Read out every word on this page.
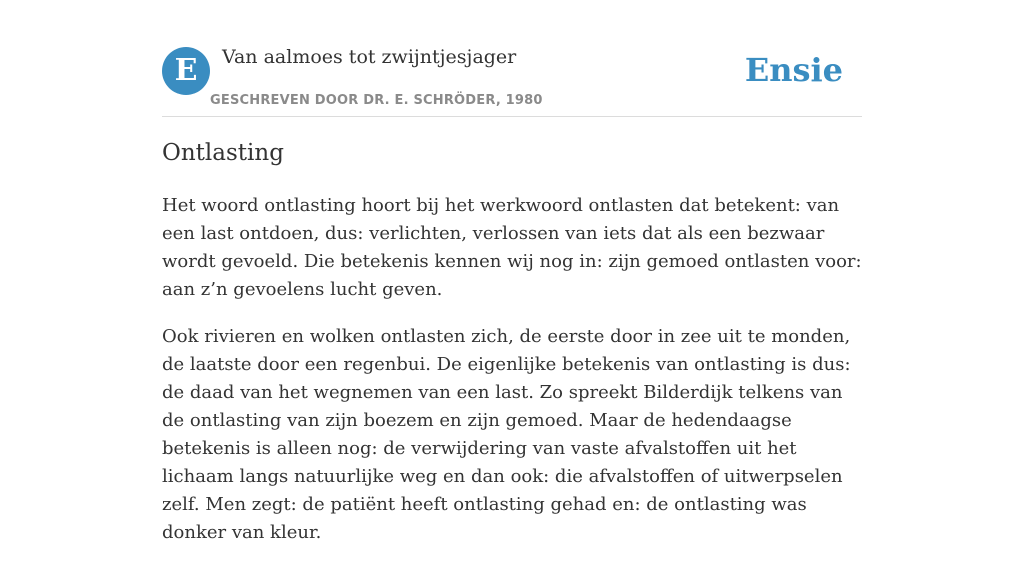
E	Van aalmoes tot zwijntjesjager
GESCHREVEN DOOR DR. E. SCHRÖDER, 1980
Ensie
Ontlasting

Het woord ontlasting hoort bij het werkwoord ontlasten dat betekent: van een last ontdoen, dus: verlichten, verlossen van iets dat als een bezwaar wordt gevoeld. Die betekenis kennen wij nog in: zijn gemoed ontlasten voor: aan z’n gevoelens lucht geven.

Ook rivieren en wolken ontlasten zich, de eerste door in zee uit te monden, de laatste door een regenbui. De eigenlijke betekenis van ontlasting is dus: de daad van het wegnemen van een last. Zo spreekt Bilderdijk telkens van de ontlasting van zijn boezem en zijn gemoed. Maar de hedendaagse betekenis is alleen nog: de verwijdering van vaste afvalstoffen uit het lichaam langs natuurlijke weg en dan ook: die afvalstoffen of uitwerpselen zelf. Men zegt: de patiënt heeft ontlasting gehad en: de ontlasting was donker van kleur.
